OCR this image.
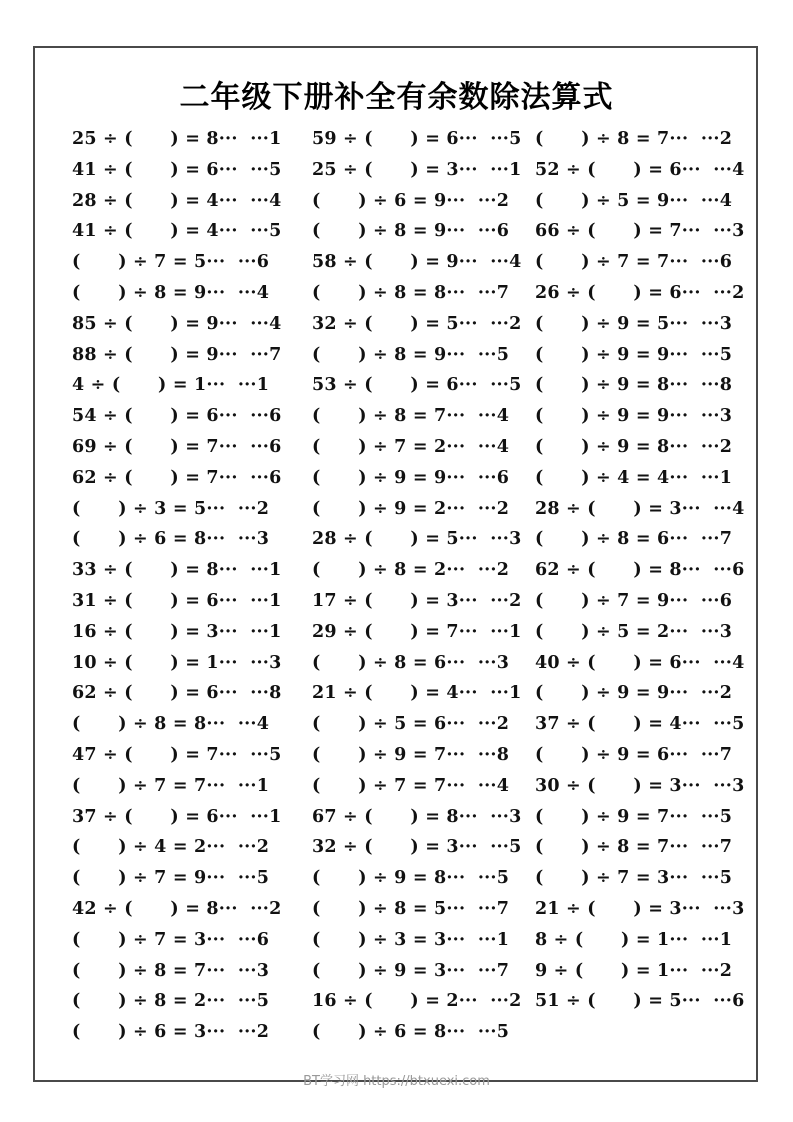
二年级下册补全有余数除法算式
25 ÷ (      ) = 8···  ···1
41 ÷ (      ) = 6···  ···5
28 ÷ (      ) = 4···  ···4
41 ÷ (      ) = 4···  ···5
(      ) ÷ 7 = 5···  ···6
(      ) ÷ 8 = 9···  ···4
85 ÷ (      ) = 9···  ···4
88 ÷ (      ) = 9···  ···7
4 ÷ (      ) = 1···  ···1
54 ÷ (      ) = 6···  ···6
69 ÷ (      ) = 7···  ···6
62 ÷ (      ) = 7···  ···6
(      ) ÷ 3 = 5···  ···2
(      ) ÷ 6 = 8···  ···3
33 ÷ (      ) = 8···  ···1
31 ÷ (      ) = 6···  ···1
16 ÷ (      ) = 3···  ···1
10 ÷ (      ) = 1···  ···3
62 ÷ (      ) = 6···  ···8
(      ) ÷ 8 = 8···  ···4
47 ÷ (      ) = 7···  ···5
(      ) ÷ 7 = 7···  ···1
37 ÷ (      ) = 6···  ···1
(      ) ÷ 4 = 2···  ···2
(      ) ÷ 7 = 9···  ···5
42 ÷ (      ) = 8···  ···2
(      ) ÷ 7 = 3···  ···6
(      ) ÷ 8 = 7···  ···3
(      ) ÷ 8 = 2···  ···5
(      ) ÷ 6 = 3···  ···2
59 ÷ (      ) = 6···  ···5
25 ÷ (      ) = 3···  ···1
(      ) ÷ 6 = 9···  ···2
(      ) ÷ 8 = 9···  ···6
58 ÷ (      ) = 9···  ···4
(      ) ÷ 8 = 8···  ···7
32 ÷ (      ) = 5···  ···2
(      ) ÷ 8 = 9···  ···5
53 ÷ (      ) = 6···  ···5
(      ) ÷ 8 = 7···  ···4
(      ) ÷ 7 = 2···  ···4
(      ) ÷ 9 = 9···  ···6
(      ) ÷ 9 = 2···  ···2
28 ÷ (      ) = 5···  ···3
(      ) ÷ 8 = 2···  ···2
17 ÷ (      ) = 3···  ···2
29 ÷ (      ) = 7···  ···1
(      ) ÷ 8 = 6···  ···3
21 ÷ (      ) = 4···  ···1
(      ) ÷ 5 = 6···  ···2
(      ) ÷ 9 = 7···  ···8
(      ) ÷ 7 = 7···  ···4
67 ÷ (      ) = 8···  ···3
32 ÷ (      ) = 3···  ···5
(      ) ÷ 9 = 8···  ···5
(      ) ÷ 8 = 5···  ···7
(      ) ÷ 3 = 3···  ···1
(      ) ÷ 9 = 3···  ···7
16 ÷ (      ) = 2···  ···2
(      ) ÷ 6 = 8···  ···5
(      ) ÷ 8 = 7···  ···2
52 ÷ (      ) = 6···  ···4
(      ) ÷ 5 = 9···  ···4
66 ÷ (      ) = 7···  ···3
(      ) ÷ 7 = 7···  ···6
26 ÷ (      ) = 6···  ···2
(      ) ÷ 9 = 5···  ···3
(      ) ÷ 9 = 9···  ···5
(      ) ÷ 9 = 8···  ···8
(      ) ÷ 9 = 9···  ···3
(      ) ÷ 9 = 8···  ···2
(      ) ÷ 4 = 4···  ···1
28 ÷ (      ) = 3···  ···4
(      ) ÷ 8 = 6···  ···7
62 ÷ (      ) = 8···  ···6
(      ) ÷ 7 = 9···  ···6
(      ) ÷ 5 = 2···  ···3
40 ÷ (      ) = 6···  ···4
(      ) ÷ 9 = 9···  ···2
37 ÷ (      ) = 4···  ···5
(      ) ÷ 9 = 6···  ···7
30 ÷ (      ) = 3···  ···3
(      ) ÷ 9 = 7···  ···5
(      ) ÷ 8 = 7···  ···7
(      ) ÷ 7 = 3···  ···5
21 ÷ (      ) = 3···  ···3
8 ÷ (      ) = 1···  ···1
9 ÷ (      ) = 1···  ···2
51 ÷ (      ) = 5···  ···6
BT学习网 https://btxuexi.com
